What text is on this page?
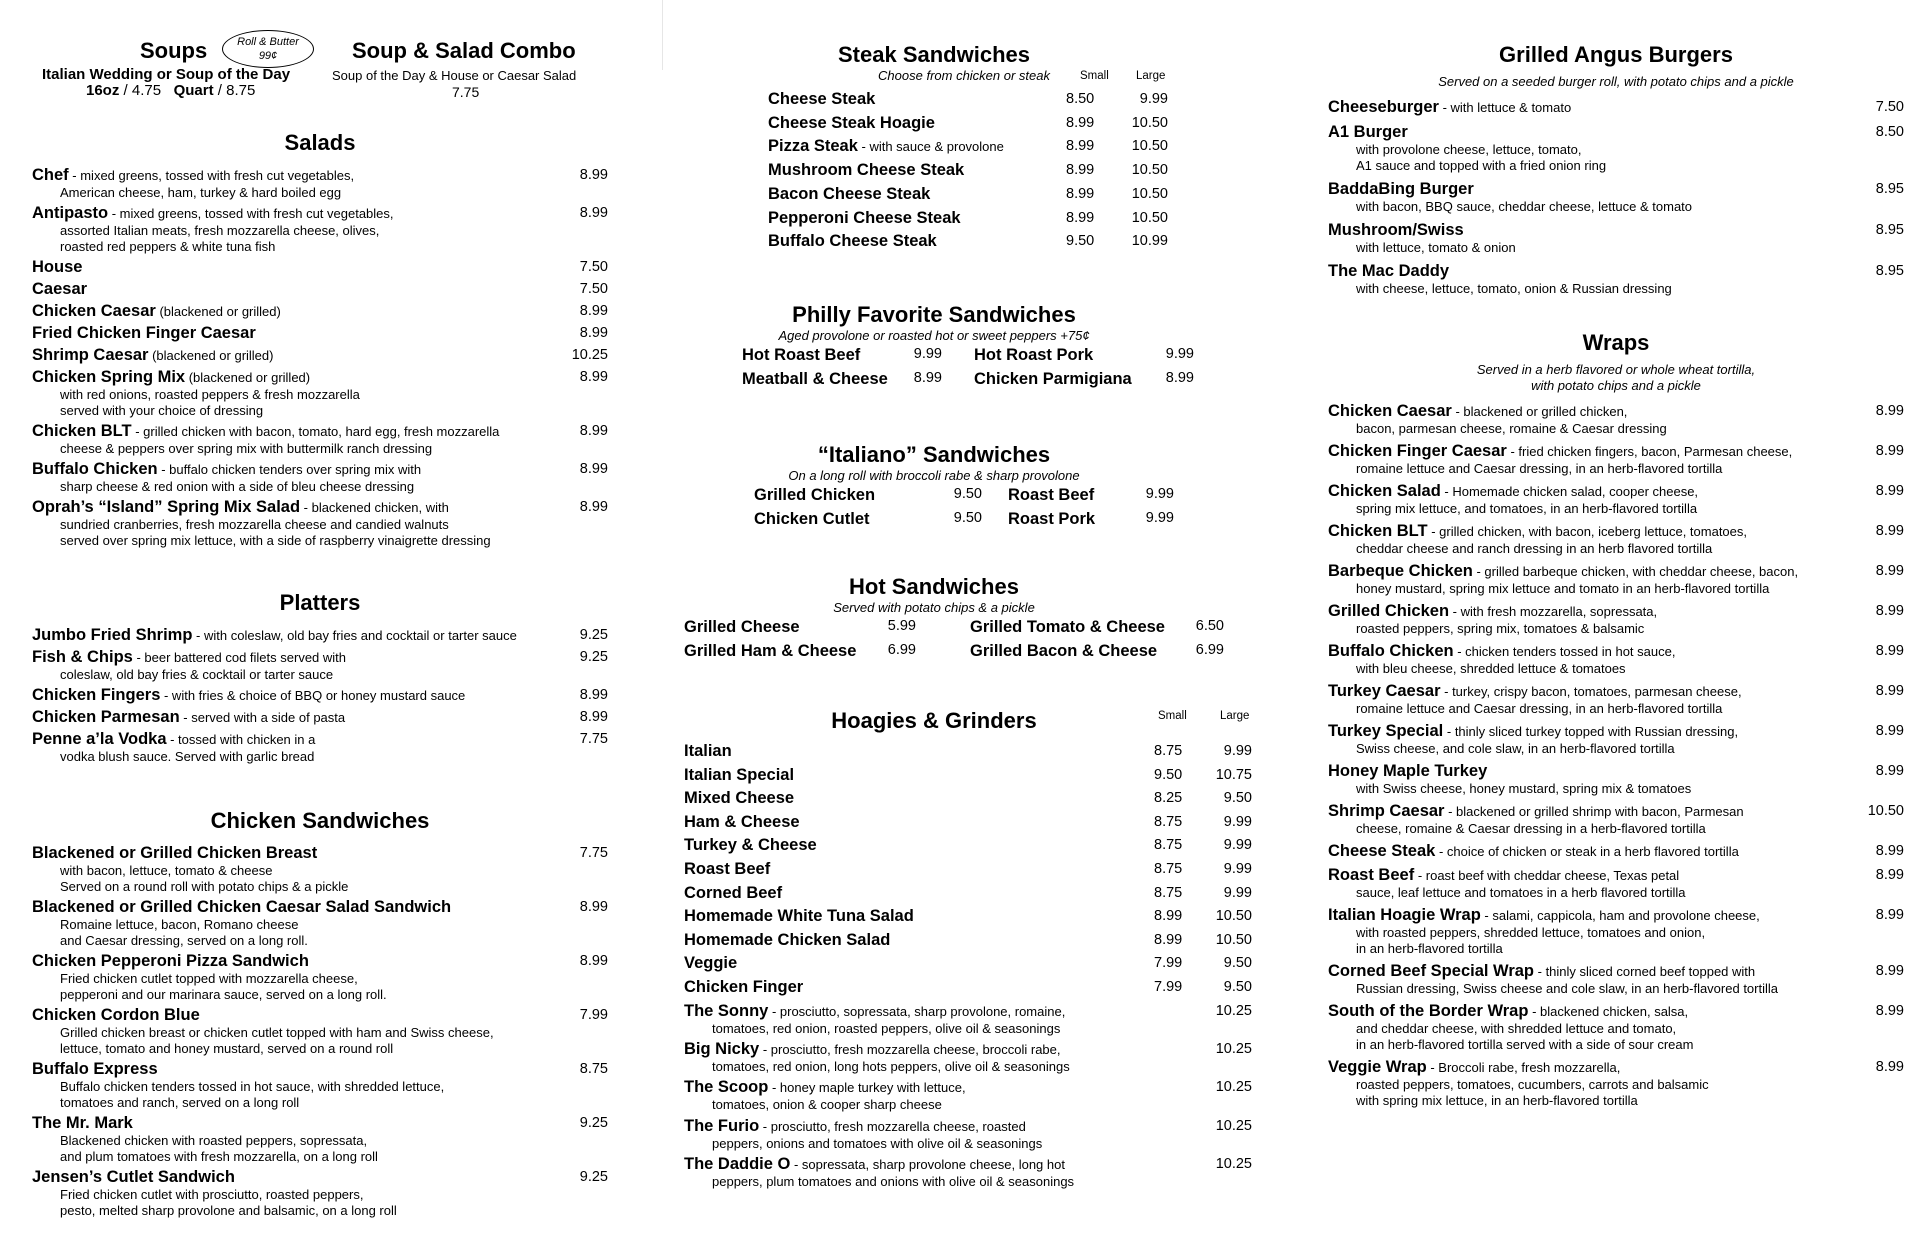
Soups	Roll & Butter
99¢	Soup & Salad Combo
Italian Wedding or Soup of the Day
16oz / 4.75 Quart / 8.75
Soup of the Day & House or Caesar Salad
7.75
Salads
Chef - mixed greens, tossed with fresh cut vegetables,
American cheese, ham, turkey & hard boiled egg
8.99
Antipasto - mixed greens, tossed with fresh cut vegetables,
assorted Italian meats, fresh mozzarella cheese, olives,
roasted red peppers & white tuna fish
8.99
House	7.50
Caesar	7.50
Chicken Caesar (blackened or grilled)	8.99
Fried Chicken Finger Caesar	8.99
Shrimp Caesar (blackened or grilled)	10.25
Chicken Spring Mix (blackened or grilled)
with red onions, roasted peppers & fresh mozzarella
served with your choice of dressing
8.99
Chicken BLT - grilled chicken with bacon, tomato, hard egg, fresh mozzarella
cheese & peppers over spring mix with buttermilk ranch dressing
8.99
Buffalo Chicken - buffalo chicken tenders over spring mix with
sharp cheese & red onion with a side of bleu cheese dressing
8.99
Oprah’s “Island” Spring Mix Salad - blackened chicken, with
sundried cranberries, fresh mozzarella cheese and candied walnuts
served over spring mix lettuce, with a side of raspberry vinaigrette dressing
8.99
Platters
Jumbo Fried Shrimp - with coleslaw, old bay fries and cocktail or tarter sauce	9.25
Fish & Chips - beer battered cod filets served with
coleslaw, old bay fries & cocktail or tarter sauce
9.25
Chicken Fingers - with fries & choice of BBQ or honey mustard sauce	8.99
Chicken Parmesan - served with a side of pasta	8.99
Penne a’la Vodka - tossed with chicken in a
vodka blush sauce. Served with garlic bread
7.75
Chicken Sandwiches
Blackened or Grilled Chicken Breast
with bacon, lettuce, tomato & cheese
Served on a round roll with potato chips & a pickle
7.75
Blackened or Grilled Chicken Caesar Salad Sandwich
Romaine lettuce, bacon, Romano cheese
and Caesar dressing, served on a long roll.
8.99
Chicken Pepperoni Pizza Sandwich
Fried chicken cutlet topped with mozzarella cheese,
pepperoni and our marinara sauce, served on a long roll.
8.99
Chicken Cordon Blue
Grilled chicken breast or chicken cutlet topped with ham and Swiss cheese,
lettuce, tomato and honey mustard, served on a round roll
7.99
Buffalo Express
Buffalo chicken tenders tossed in hot sauce, with shredded lettuce,
tomatoes and ranch, served on a long roll
8.75
The Mr. Mark
Blackened chicken with roasted peppers, sopressata,
and plum tomatoes with fresh mozzarella, on a long roll
9.25
Jensen’s Cutlet Sandwich
Fried chicken cutlet with prosciutto, roasted peppers,
pesto, melted sharp provolone and balsamic, on a long roll
9.25
Steak Sandwiches
Choose from chicken or steak	Small Large
Cheese Steak	8.50	9.99
Cheese Steak Hoagie	8.99	10.50
Pizza Steak - with sauce & provolone	8.99	10.50
Mushroom Cheese Steak	8.99	10.50
Bacon Cheese Steak	8.99	10.50
Pepperoni Cheese Steak	8.99	10.50
Buffalo Cheese Steak	9.50	10.99
Philly Favorite Sandwiches
Aged provolone or roasted hot or sweet peppers +75¢
Hot Roast Beef	9.99 Hot Roast Pork	9.99
Meatball & Cheese	8.99 Chicken Parmigiana	8.99
“Italiano” Sandwiches
On a long roll with broccoli rabe & sharp provolone
Grilled Chicken	9.50 Roast Beef	9.99
Chicken Cutlet	9.50 Roast Pork	9.99
Hot Sandwiches
Served with potato chips & a pickle
Grilled Cheese	5.99	Grilled Tomato & Cheese	6.50
Grilled Ham & Cheese	6.99	Grilled Bacon & Cheese	6.99
Hoagies & Grinders	Small	Large
Italian	8.75	9.99
Italian Special	9.50	10.75
Mixed Cheese	8.25	9.50
Ham & Cheese	8.75	9.99
Turkey & Cheese	8.75	9.99
Roast Beef	8.75	9.99
Corned Beef	8.75	9.99
Homemade White Tuna Salad	8.99	10.50
Homemade Chicken Salad	8.99	10.50
Veggie	7.99	9.50
Chicken Finger	7.99	9.50
The Sonny - prosciutto, sopressata, sharp provolone, romaine,
tomatoes, red onion, roasted peppers, olive oil & seasonings
10.25
Big Nicky - prosciutto, fresh mozzarella cheese, broccoli rabe,
tomatoes, red onion, long hots peppers, olive oil & seasonings
10.25
The Scoop - honey maple turkey with lettuce,
tomatoes, onion & cooper sharp cheese
10.25
The Furio - prosciutto, fresh mozzarella cheese, roasted
peppers, onions and tomatoes with olive oil & seasonings
10.25
The Daddie O - sopressata, sharp provolone cheese, long hot
peppers, plum tomatoes and onions with olive oil & seasonings
10.25
Grilled Angus Burgers
Served on a seeded burger roll, with potato chips and a pickle
Cheeseburger - with lettuce & tomato	7.50
A1 Burger
with provolone cheese, lettuce, tomato,
A1 sauce and topped with a fried onion ring
8.50
BaddaBing Burger
with bacon, BBQ sauce, cheddar cheese, lettuce & tomato
8.95
Mushroom/Swiss
with lettuce, tomato & onion
8.95
The Mac Daddy
with cheese, lettuce, tomato, onion & Russian dressing
8.95
Wraps
Served in a herb flavored or whole wheat tortilla,
with potato chips and a pickle
Chicken Caesar - blackened or grilled chicken,
bacon, parmesan cheese, romaine & Caesar dressing
8.99
Chicken Finger Caesar - fried chicken fingers, bacon, Parmesan cheese,
romaine lettuce and Caesar dressing, in an herb-flavored tortilla
8.99
Chicken Salad - Homemade chicken salad, cooper cheese,
spring mix lettuce, and tomatoes, in an herb-flavored tortilla
8.99
Chicken BLT - grilled chicken, with bacon, iceberg lettuce, tomatoes,
cheddar cheese and ranch dressing in an herb flavored tortilla
8.99
Barbeque Chicken - grilled barbeque chicken, with cheddar cheese, bacon,
honey mustard, spring mix lettuce and tomato in an herb-flavored tortilla
8.99
Grilled Chicken - with fresh mozzarella, sopressata,
roasted peppers, spring mix, tomatoes & balsamic
8.99
Buffalo Chicken - chicken tenders tossed in hot sauce,
with bleu cheese, shredded lettuce & tomatoes
8.99
Turkey Caesar - turkey, crispy bacon, tomatoes, parmesan cheese,
romaine lettuce and Caesar dressing, in an herb-flavored tortilla
8.99
Turkey Special - thinly sliced turkey topped with Russian dressing,
Swiss cheese, and cole slaw, in an herb-flavored tortilla
8.99
Honey Maple Turkey
with Swiss cheese, honey mustard, spring mix & tomatoes
8.99
Shrimp Caesar - blackened or grilled shrimp with bacon, Parmesan
cheese, romaine & Caesar dressing in a herb-flavored tortilla
10.50
Cheese Steak - choice of chicken or steak in a herb flavored tortilla	8.99
Roast Beef - roast beef with cheddar cheese, Texas petal
sauce, leaf lettuce and tomatoes in a herb flavored tortilla
8.99
Italian Hoagie Wrap - salami, cappicola, ham and provolone cheese,
with roasted peppers, shredded lettuce, tomatoes and onion,
in an herb-flavored tortilla
8.99
Corned Beef Special Wrap - thinly sliced corned beef topped with
Russian dressing, Swiss cheese and cole slaw, in an herb-flavored tortilla
8.99
South of the Border Wrap - blackened chicken, salsa,
and cheddar cheese, with shredded lettuce and tomato,
in an herb-flavored tortilla served with a side of sour cream
8.99
Veggie Wrap - Broccoli rabe, fresh mozzarella,
roasted peppers, tomatoes, cucumbers, carrots and balsamic
with spring mix lettuce, in an herb-flavored tortilla
8.99
